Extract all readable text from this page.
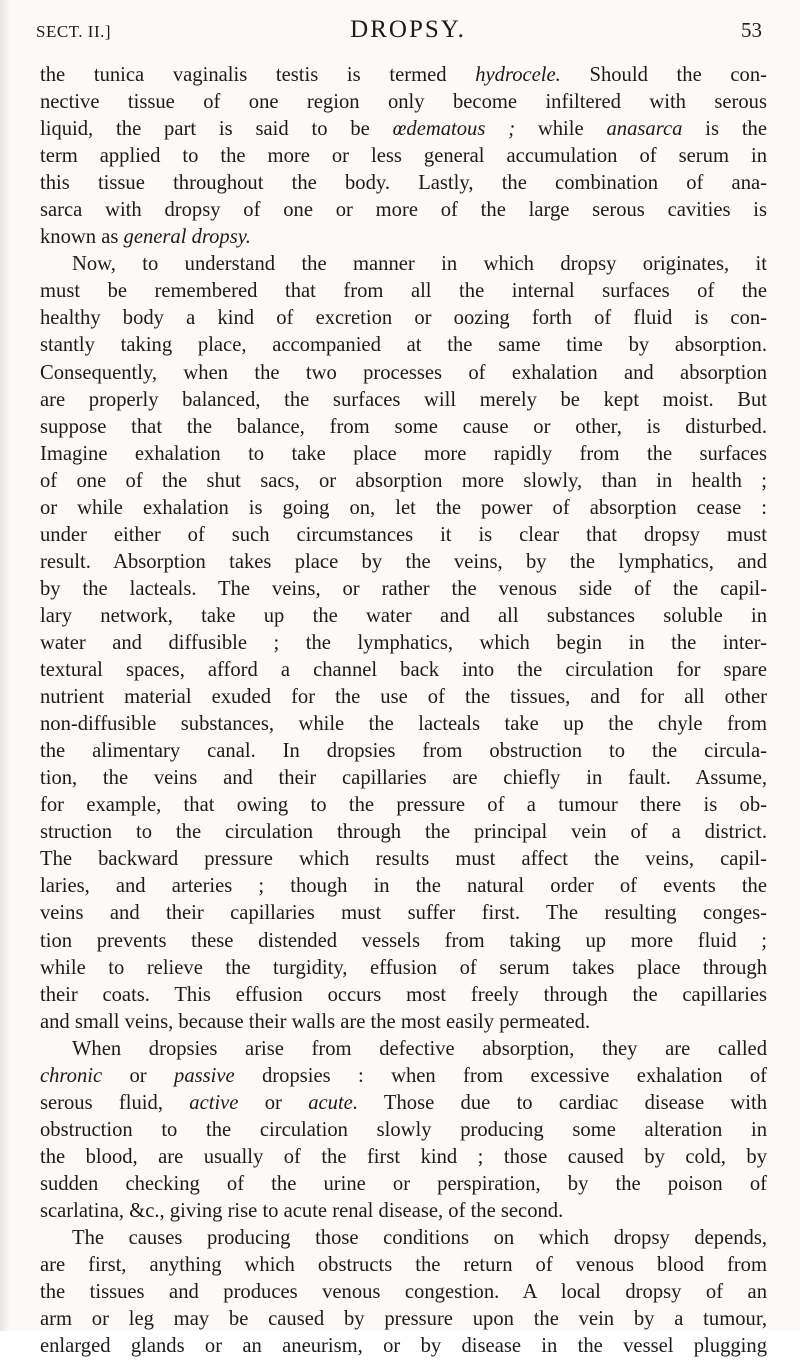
SECT. II.]	DROPSY.	53
the tunica vaginalis testis is termed hydrocele. Should the con-
nective tissue of one region only become infiltered with serous
liquid, the part is said to be œdematous ; while anasarca is the
term applied to the more or less general accumulation of serum in
this tissue throughout the body. Lastly, the combination of ana-
sarca with dropsy of one or more of the large serous cavities is
known as general dropsy.
Now, to understand the manner in which dropsy originates, it
must be remembered that from all the internal surfaces of the
healthy body a kind of excretion or oozing forth of fluid is con-
stantly taking place, accompanied at the same time by absorption.
Consequently, when the two processes of exhalation and absorption
are properly balanced, the surfaces will merely be kept moist. But
suppose that the balance, from some cause or other, is disturbed.
Imagine exhalation to take place more rapidly from the surfaces
of one of the shut sacs, or absorption more slowly, than in health ;
or while exhalation is going on, let the power of absorption cease :
under either of such circumstances it is clear that dropsy must
result. Absorption takes place by the veins, by the lymphatics, and
by the lacteals. The veins, or rather the venous side of the capil-
lary network, take up the water and all substances soluble in
water and diffusible ; the lymphatics, which begin in the inter-
textural spaces, afford a channel back into the circulation for spare
nutrient material exuded for the use of the tissues, and for all other
non-diffusible substances, while the lacteals take up the chyle from
the alimentary canal. In dropsies from obstruction to the circula-
tion, the veins and their capillaries are chiefly in fault. Assume,
for example, that owing to the pressure of a tumour there is ob-
struction to the circulation through the principal vein of a district.
The backward pressure which results must affect the veins, capil-
laries, and arteries ; though in the natural order of events the
veins and their capillaries must suffer first. The resulting conges-
tion prevents these distended vessels from taking up more fluid ;
while to relieve the turgidity, effusion of serum takes place through
their coats. This effusion occurs most freely through the capillaries
and small veins, because their walls are the most easily permeated.
When dropsies arise from defective absorption, they are called
chronic or passive dropsies : when from excessive exhalation of
serous fluid, active or acute. Those due to cardiac disease with
obstruction to the circulation slowly producing some alteration in
the blood, are usually of the first kind ; those caused by cold, by
sudden checking of the urine or perspiration, by the poison of
scarlatina, &c., giving rise to acute renal disease, of the second.
The causes producing those conditions on which dropsy depends,
are first, anything which obstructs the return of venous blood from
the tissues and produces venous congestion. A local dropsy of an
arm or leg may be caused by pressure upon the vein by a tumour,
enlarged glands or an aneurism, or by disease in the vessel plugging
